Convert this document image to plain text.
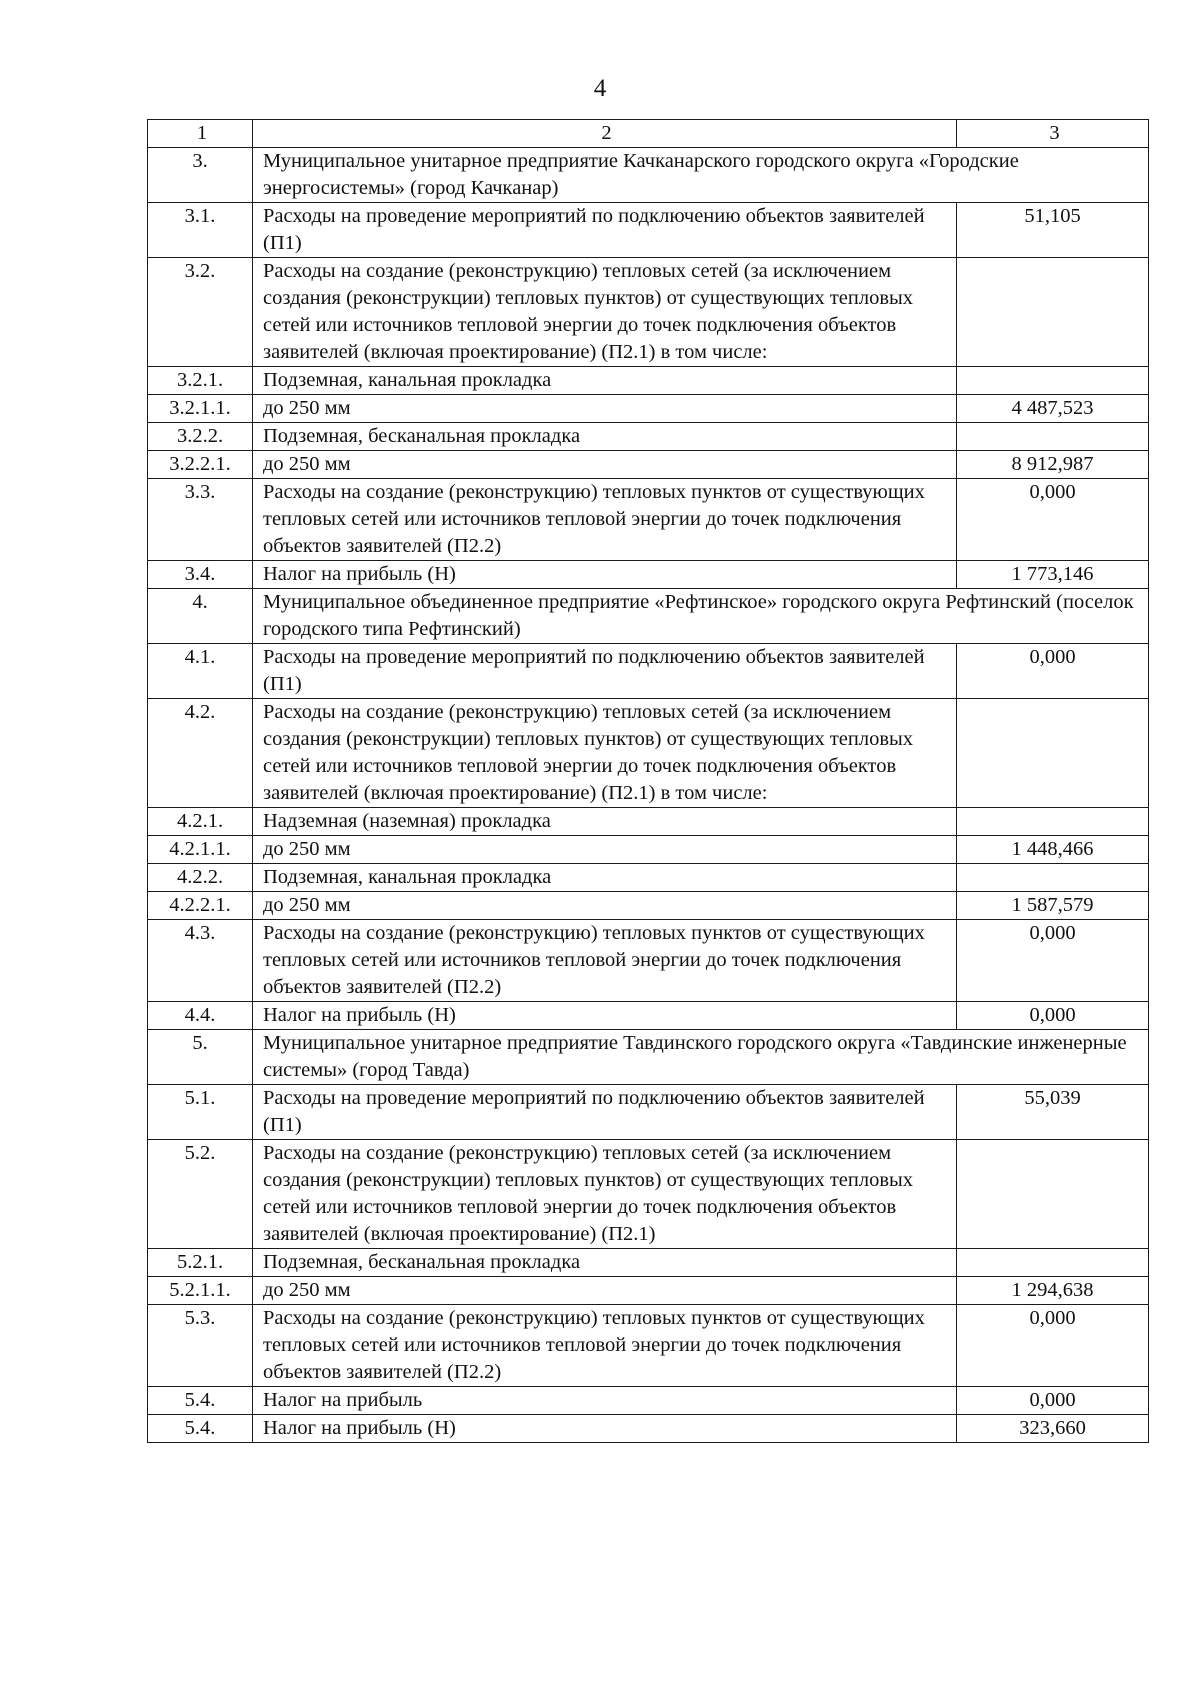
4
1	2	3
3.	Муниципальное унитарное предприятие Качканарского городского округа «Городские энергосистемы» (город Качканар)	
3.1.	Расходы на проведение мероприятий по подключению объектов заявителей (П1)	51,105
3.2.	Расходы на создание (реконструкцию) тепловых сетей (за исключением создания (реконструкции) тепловых пунктов) от существующих тепловых сетей или источников тепловой энергии до точек подключения объектов заявителей (включая проектирование) (П2.1) в том числе:	
3.2.1.	Подземная, канальная прокладка	
3.2.1.1.	до 250 мм	4 487,523
3.2.2.	Подземная, бесканальная прокладка	
3.2.2.1.	до 250 мм	8 912,987
3.3.	Расходы на создание (реконструкцию) тепловых пунктов от существующих тепловых сетей или источников тепловой энергии до точек подключения объектов заявителей (П2.2)	0,000
3.4.	Налог на прибыль (Н)	1 773,146
4.	Муниципальное объединенное предприятие «Рефтинское» городского округа Рефтинский (поселок городского типа Рефтинский)	
4.1.	Расходы на проведение мероприятий по подключению объектов заявителей (П1)	0,000
4.2.	Расходы на создание (реконструкцию) тепловых сетей (за исключением создания (реконструкции) тепловых пунктов) от существующих тепловых сетей или источников тепловой энергии до точек подключения объектов заявителей (включая проектирование) (П2.1) в том числе:	
4.2.1.	Надземная (наземная) прокладка	
4.2.1.1.	до 250 мм	1 448,466
4.2.2.	Подземная, канальная прокладка	
4.2.2.1.	до 250 мм	1 587,579
4.3.	Расходы на создание (реконструкцию) тепловых пунктов от существующих тепловых сетей или источников тепловой энергии до точек подключения объектов заявителей (П2.2)	0,000
4.4.	Налог на прибыль (Н)	0,000
5.	Муниципальное унитарное предприятие Тавдинского городского округа «Тавдинские инженерные системы» (город Тавда)	
5.1.	Расходы на проведение мероприятий по подключению объектов заявителей (П1)	55,039
5.2.	Расходы на создание (реконструкцию) тепловых сетей (за исключением создания (реконструкции) тепловых пунктов) от существующих тепловых сетей или источников тепловой энергии до точек подключения объектов заявителей (включая проектирование) (П2.1)	
5.2.1.	Подземная, бесканальная прокладка	
5.2.1.1.	до 250 мм	1 294,638
5.3.	Расходы на создание (реконструкцию) тепловых пунктов от существующих тепловых сетей или источников тепловой энергии до точек подключения объектов заявителей (П2.2)	0,000
5.4.	Налог на прибыль	0,000
5.4.	Налог на прибыль (Н)	323,660
